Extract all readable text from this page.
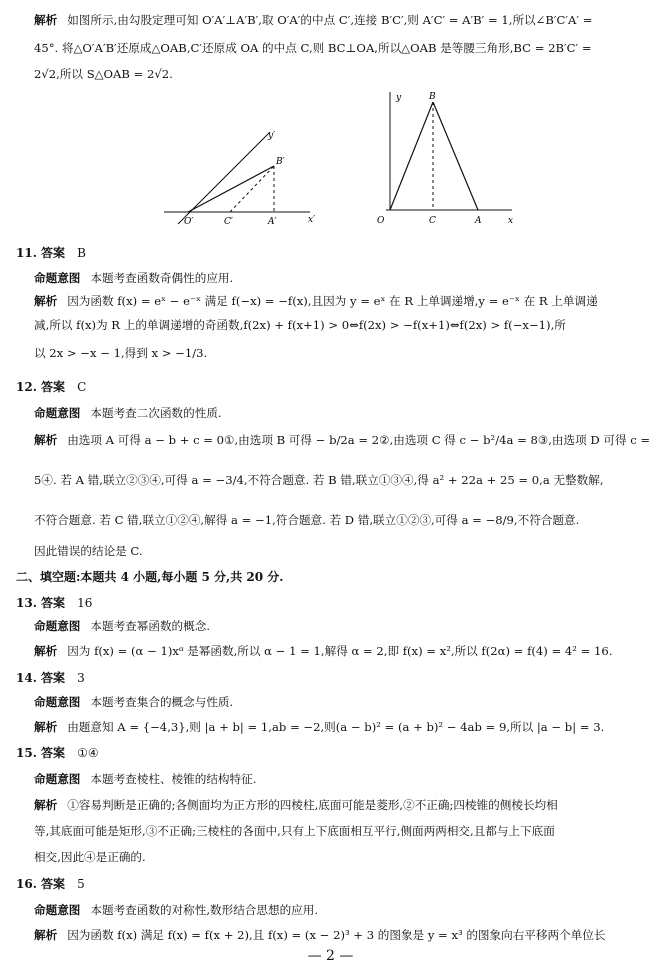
解析 如图所示,由勾股定理可知 O′A′⊥A′B′,取 O′A′的中点 C′,连接 B′C′,则 A′C′ = A′B′ = 1,所以∠B′C′A′ =
45°. 将△O′A′B′还原成△OAB,C′还原成 OA 的中点 C,则 BC⊥OA,所以△OAB 是等腰三角形,BC = 2B′C′ =
2√2,所以 S△OAB = 2√2.
y′
B′
O′	C′	A′	x′
y	B
O	C	A	x
11. 答案 B
命题意图 本题考查函数奇偶性的应用.
解析 因为函数 f(x) = eˣ − e⁻ˣ 满足 f(−x) = −f(x),且因为 y = eˣ 在 R 上单调递增,y = e⁻ˣ 在 R 上单调递
减,所以 f(x)为 R 上的单调递增的奇函数,f(2x) + f(x+1) > 0⇔f(2x) > −f(x+1)⇔f(2x) > f(−x−1),所
以 2x > −x − 1,得到 x > −1/3.
12. 答案 C
命题意图 本题考查二次函数的性质.
解析 由选项 A 可得 a − b + c = 0①,由选项 B 可得 − b/2a = 2②,由选项 C 得 c − b²/4a = 8③,由选项 D 可得 c =
5④. 若 A 错,联立②③④,可得 a = −3/4,不符合题意. 若 B 错,联立①③④,得 a² + 22a + 25 = 0,a 无整数解,
不符合题意. 若 C 错,联立①②④,解得 a = −1,符合题意. 若 D 错,联立①②③,可得 a = −8/9,不符合题意.
因此错误的结论是 C.
二、填空题:本题共 4 小题,每小题 5 分,共 20 分.
13. 答案 16
命题意图 本题考查幂函数的概念.
解析 因为 f(x) = (α − 1)xᵅ 是幂函数,所以 α − 1 = 1,解得 α = 2,即 f(x) = x²,所以 f(2α) = f(4) = 4² = 16.
14. 答案 3
命题意图 本题考查集合的概念与性质.
解析 由题意知 A = {−4,3},则 |a + b| = 1,ab = −2,则(a − b)² = (a + b)² − 4ab = 9,所以 |a − b| = 3.
15. 答案 ①④
命题意图 本题考查棱柱、棱锥的结构特征.
解析 ①容易判断是正确的;各侧面均为正方形的四棱柱,底面可能是菱形,②不正确;四棱锥的侧棱长均相
等,其底面可能是矩形,③不正确;三棱柱的各面中,只有上下底面相互平行,侧面两两相交,且都与上下底面
相交,因此④是正确的.
16. 答案 5
命题意图 本题考查函数的对称性,数形结合思想的应用.
解析 因为函数 f(x) 满足 f(x) = f(x + 2),且 f(x) = (x − 2)³ + 3 的图象是 y = x³ 的图象向右平移两个单位长
— 2 —
